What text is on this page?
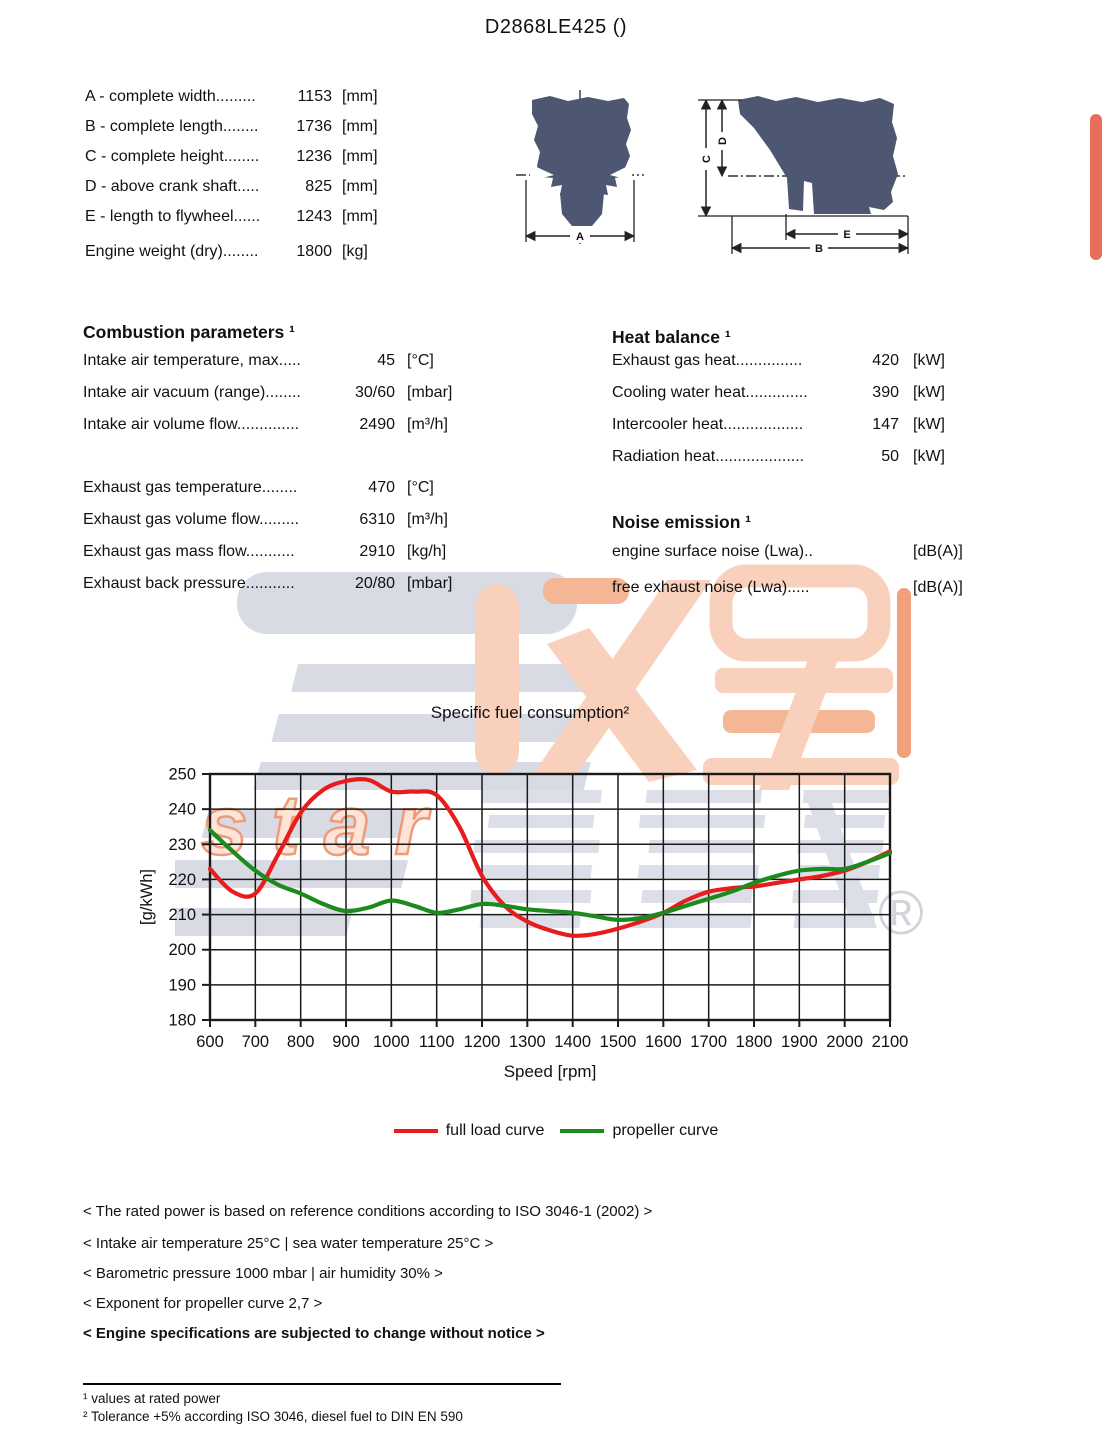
star
®
D2868LE425 ()
A - complete width.........	1153 [mm]
B - complete length........	1736 [mm]
C - complete height........	1236 [mm]
D - above crank shaft.....	825 [mm]
E - length to flywheel......	1243 [mm]
Engine weight (dry)........	1800 [kg]
A
C
D
E
B
Combustion parameters ¹
Intake air temperature, max.....	45 [°C]
Intake air vacuum (range)........	30/60 [mbar]
Intake air volume flow..............	2490 [m³/h]
Exhaust gas temperature........	470 [°C]
Exhaust gas volume flow.........	6310 [m³/h]
Exhaust gas mass flow...........	2910 [kg/h]
Exhaust back pressure...........	20/80 [mbar]
Heat balance ¹
Exhaust gas heat...............	420 [kW]
Cooling water heat..............	390 [kW]
Intercooler heat..................	147 [kW]
Radiation heat....................	50 [kW]
Noise emission ¹
engine surface noise (Lwa)..	[dB(A)]
free exhaust noise (Lwa).....	[dB(A)]
Specific fuel consumption²
600 700 800 900 1000 1100 1200 1300 1400 1500 1600 1700 1800 1900 2000 2100
180
190
200
210
220
230
240
250
[g/kWh]
Speed [rpm]
full load curve	propeller curve
< The rated power is based on reference conditions according to ISO 3046-1 (2002) >
< Intake air temperature 25°C | sea water temperature 25°C >
< Barometric pressure 1000 mbar | air humidity 30% >
< Exponent for propeller curve 2,7 >
< Engine specifications are subjected to change without notice >
¹ values at rated power
² Tolerance +5% according ISO 3046, diesel fuel to DIN EN 590
